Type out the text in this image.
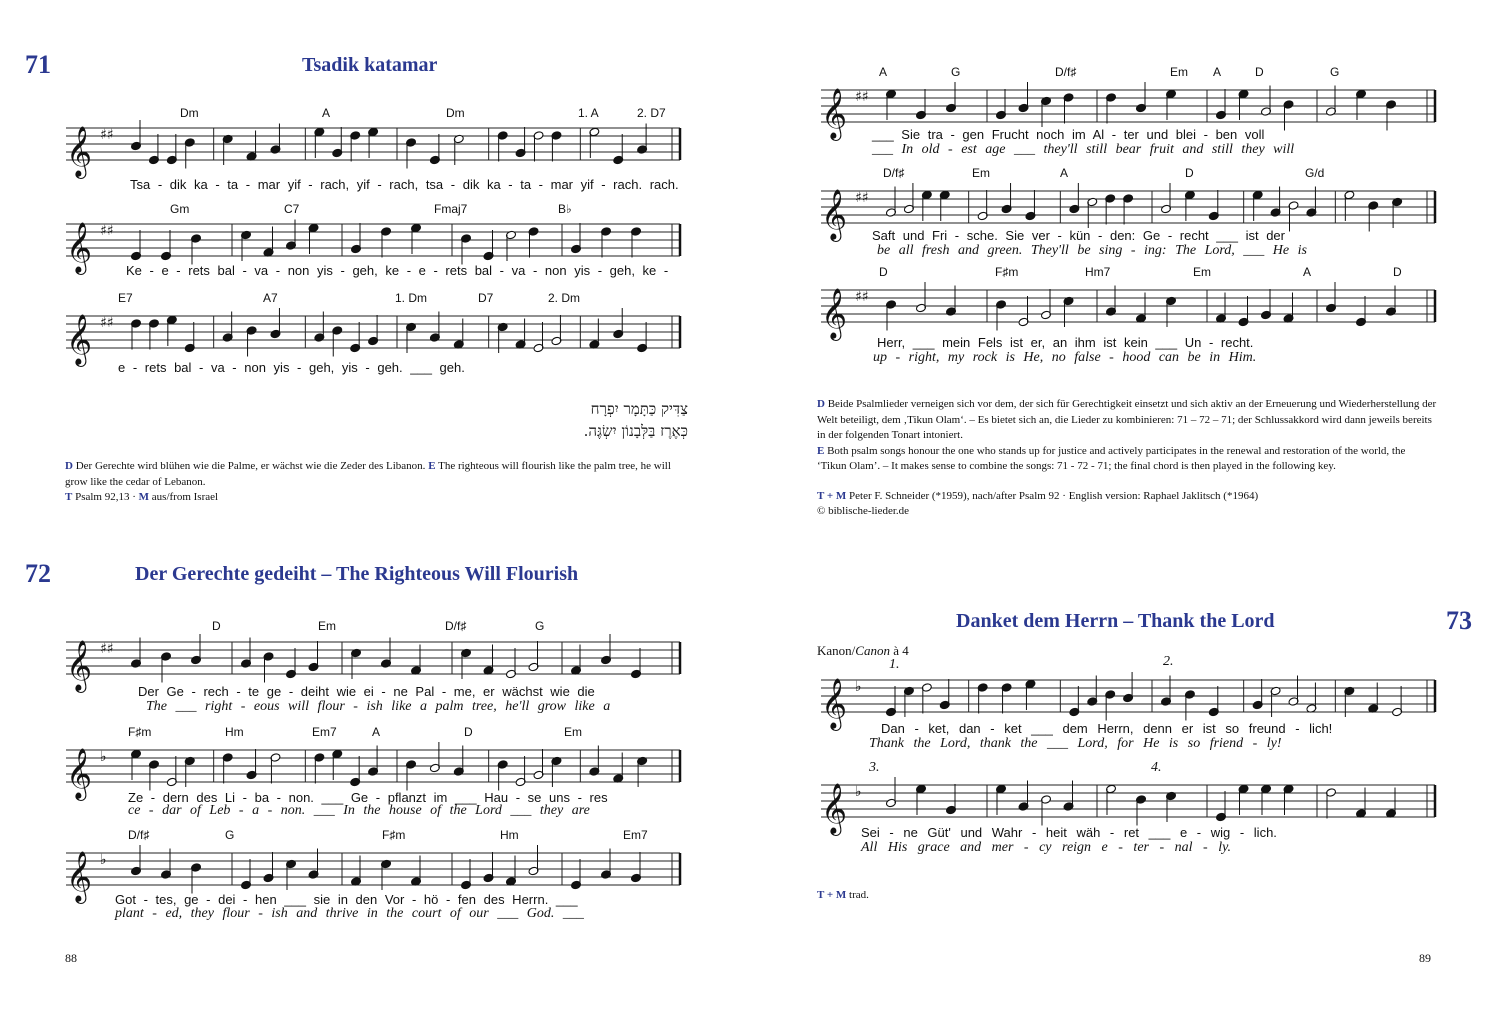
71	Tsadik katamar
Dm	A	Dm	1. A	2. D7
𝄞 ♯♯
Tsa - dik ka - ta - mar yif - rach, yif - rach, tsa - dik ka - ta - mar yif - rach. rach.
Gm	C7	Fmaj7	B♭
𝄞 ♯♯
Ke - e - rets bal - va - non yis - geh, ke - e - rets bal - va - non yis - geh, ke -
E7	A7	1. Dm	D7	2. Dm
𝄞 ♯♯
e - rets bal - va - non yis - geh, yis - geh. ___ geh.
צַדִּיק כַּתָּמָר יִפְרָח
כְּאֶרֶז בַּלְּבָנוֹן יִשְׂגֶּה.
D Der Gerechte wird blühen wie die Palme, er wächst wie die Zeder des Libanon. E The righteous will flourish like the palm tree, he will grow like the cedar of Lebanon.
T Psalm 92,13 · M aus/from Israel
72	Der Gerechte gedeiht – The Righteous Will Flourish
D	Em	D/f♯	G
𝄞 ♯♯
Der Ge - rech - te ge - deiht wie ei - ne Pal - me, er wächst wie die
The ___ right - eous will flour - ish like a palm tree, he'll grow like a
F♯m	Hm	Em7	A	D	Em
𝄞 ♭
Ze - dern des Li - ba - non. ___ Ge - pflanzt im ___ Hau - se uns - res
ce - dar of Leb - a - non. ___ In the house of the Lord ___ they are
D/f♯	G	F♯m	Hm	Em7
𝄞 ♭
Got - tes, ge - dei - hen ___ sie in den Vor - hö - fen des Herrn. ___
plant - ed, they flour - ish and thrive in the court of our ___ God. ___
88
A	G	D/f♯	Em A	D	G
𝄞 ♯♯
___ Sie tra - gen Frucht noch im Al - ter und blei - ben voll
___ In old - est age ___ they'll still bear fruit and still they will
D/f♯	Em	A	D	G/d
𝄞 ♯♯
Saft und Fri - sche. Sie ver - kün - den: Ge - recht ___ ist der
be all fresh and green. They'll be sing - ing: The Lord, ___ He is
D	F♯m	Hm7	Em	A	D
𝄞 ♯♯
Herr, ___ mein Fels ist er, an ihm ist kein ___ Un - recht.
up - right, my rock is He, no false - hood can be in Him.
D Beide Psalmlieder verneigen sich vor dem, der sich für Gerechtigkeit einsetzt und sich aktiv an der Erneuerung und Wiederherstellung der Welt beteiligt, dem ‚Tikun Olam‘. – Es bietet sich an, die Lieder zu kombinieren: 71 – 72 – 71; der Schlussakkord wird dann jeweils bereits in der folgenden Tonart intoniert.
E Both psalm songs honour the one who stands up for justice and actively participates in the renewal and restoration of the world, the ‘Tikun Olam’. – It makes sense to combine the songs: 71 - 72 - 71; the final chord is then played in the following key.
T + M Peter F. Schneider (*1959), nach/after Psalm 92 · English version: Raphael Jaklitsch (*1964)
© biblische-lieder.de
Danket dem Herrn – Thank the Lord	73
Kanon/Canon à 4
1.	2.
𝄞 ♭
Dan - ket, dan - ket ___ dem Herrn, denn er ist so freund - lich!
Thank the Lord, thank the ___ Lord, for He is so friend - ly!
3.	4.
𝄞 ♭
Sei - ne Güt' und Wahr - heit wäh - ret ___ e - wig - lich.
All His grace and mer - cy reign e - ter - nal - ly.
T + M trad.
89
